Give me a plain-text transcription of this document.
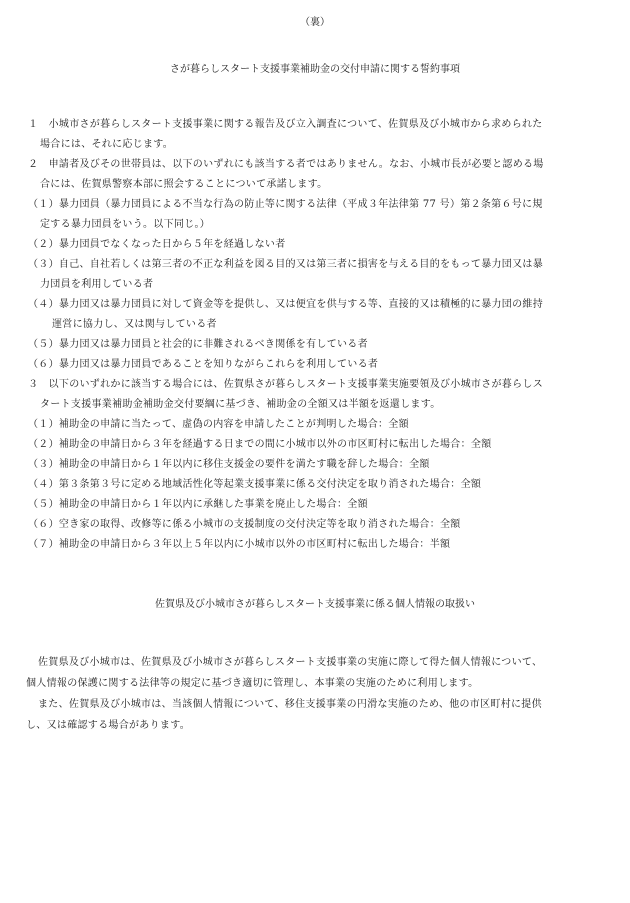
（裏）
さが暮らしスタート支援事業補助金の交付申請に関する誓約事項
１　小城市さが暮らしスタート支援事業に関する報告及び立入調査について、佐賀県及び小城市から求められた
場合には、それに応じます。
２　申請者及びその世帯員は、以下のいずれにも該当する者ではありません。なお、小城市長が必要と認める場
合には、佐賀県警察本部に照会することについて承諾します。
（１）暴力団員（暴力団員による不当な行為の防止等に関する法律（平成３年法律第 77 号）第２条第６号に規
定する暴力団員をいう。以下同じ。）
（２）暴力団員でなくなった日から５年を経過しない者
（３）自己、自社若しくは第三者の不正な利益を図る目的又は第三者に損害を与える目的をもって暴力団又は暴
力団員を利用している者
（４）暴力団又は暴力団員に対して資金等を提供し、又は便宜を供与する等、直接的又は積極的に暴力団の維持
運営に協力し、又は関与している者
（５）暴力団又は暴力団員と社会的に非難されるべき関係を有している者
（６）暴力団又は暴力団員であることを知りながらこれらを利用している者
３　以下のいずれかに該当する場合には、佐賀県さが暮らしスタート支援事業実施要領及び小城市さが暮らしス
タート支援事業補助金補助金交付要綱に基づき、補助金の全額又は半額を返還します。
（１）補助金の申請に当たって、虚偽の内容を申請したことが判明した場合：全額
（２）補助金の申請日から３年を経過する日までの間に小城市以外の市区町村に転出した場合：全額
（３）補助金の申請日から１年以内に移住支援金の要件を満たす職を辞した場合：全額
（４）第３条第３号に定める地域活性化等起業支援事業に係る交付決定を取り消された場合：全額
（５）補助金の申請日から１年以内に承継した事業を廃止した場合：全額
（６）空き家の取得、改修等に係る小城市の支援制度の交付決定等を取り消された場合：全額
（７）補助金の申請日から３年以上５年以内に小城市以外の市区町村に転出した場合：半額
佐賀県及び小城市さが暮らしスタート支援事業に係る個人情報の取扱い
佐賀県及び小城市は、佐賀県及び小城市さが暮らしスタート支援事業の実施に際して得た個人情報について、
個人情報の保護に関する法律等の規定に基づき適切に管理し、本事業の実施のために利用します。
また、佐賀県及び小城市は、当該個人情報について、移住支援事業の円滑な実施のため、他の市区町村に提供
し、又は確認する場合があります。
